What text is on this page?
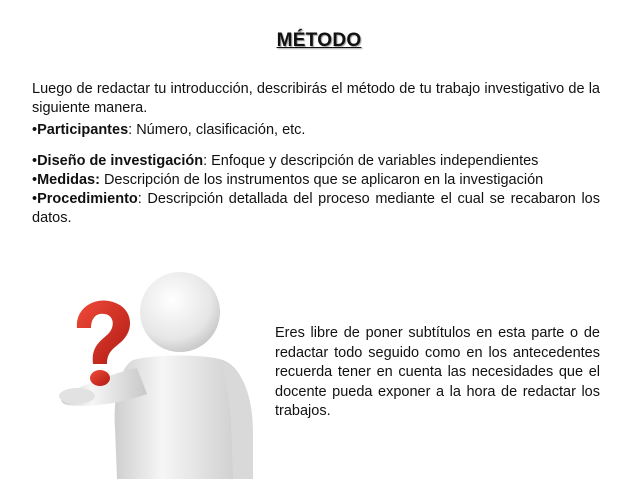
MÉTODO

Luego de redactar tu introducción, describirás el método de tu trabajo investigativo de la siguiente manera.

•Participantes: Número, clasificación, etc.

•Diseño de investigación: Enfoque y descripción de variables independientes

•Medidas: Descripción de los instrumentos que se aplicaron en la investigación

•Procedimiento: Descripción detallada del proceso mediante el cual se recabaron los datos.

Eres libre de poner subtítulos en esta parte o de redactar todo seguido como en los antecedentes recuerda tener en cuenta las necesidades que el docente pueda exponer a la hora de redactar los trabajos.
